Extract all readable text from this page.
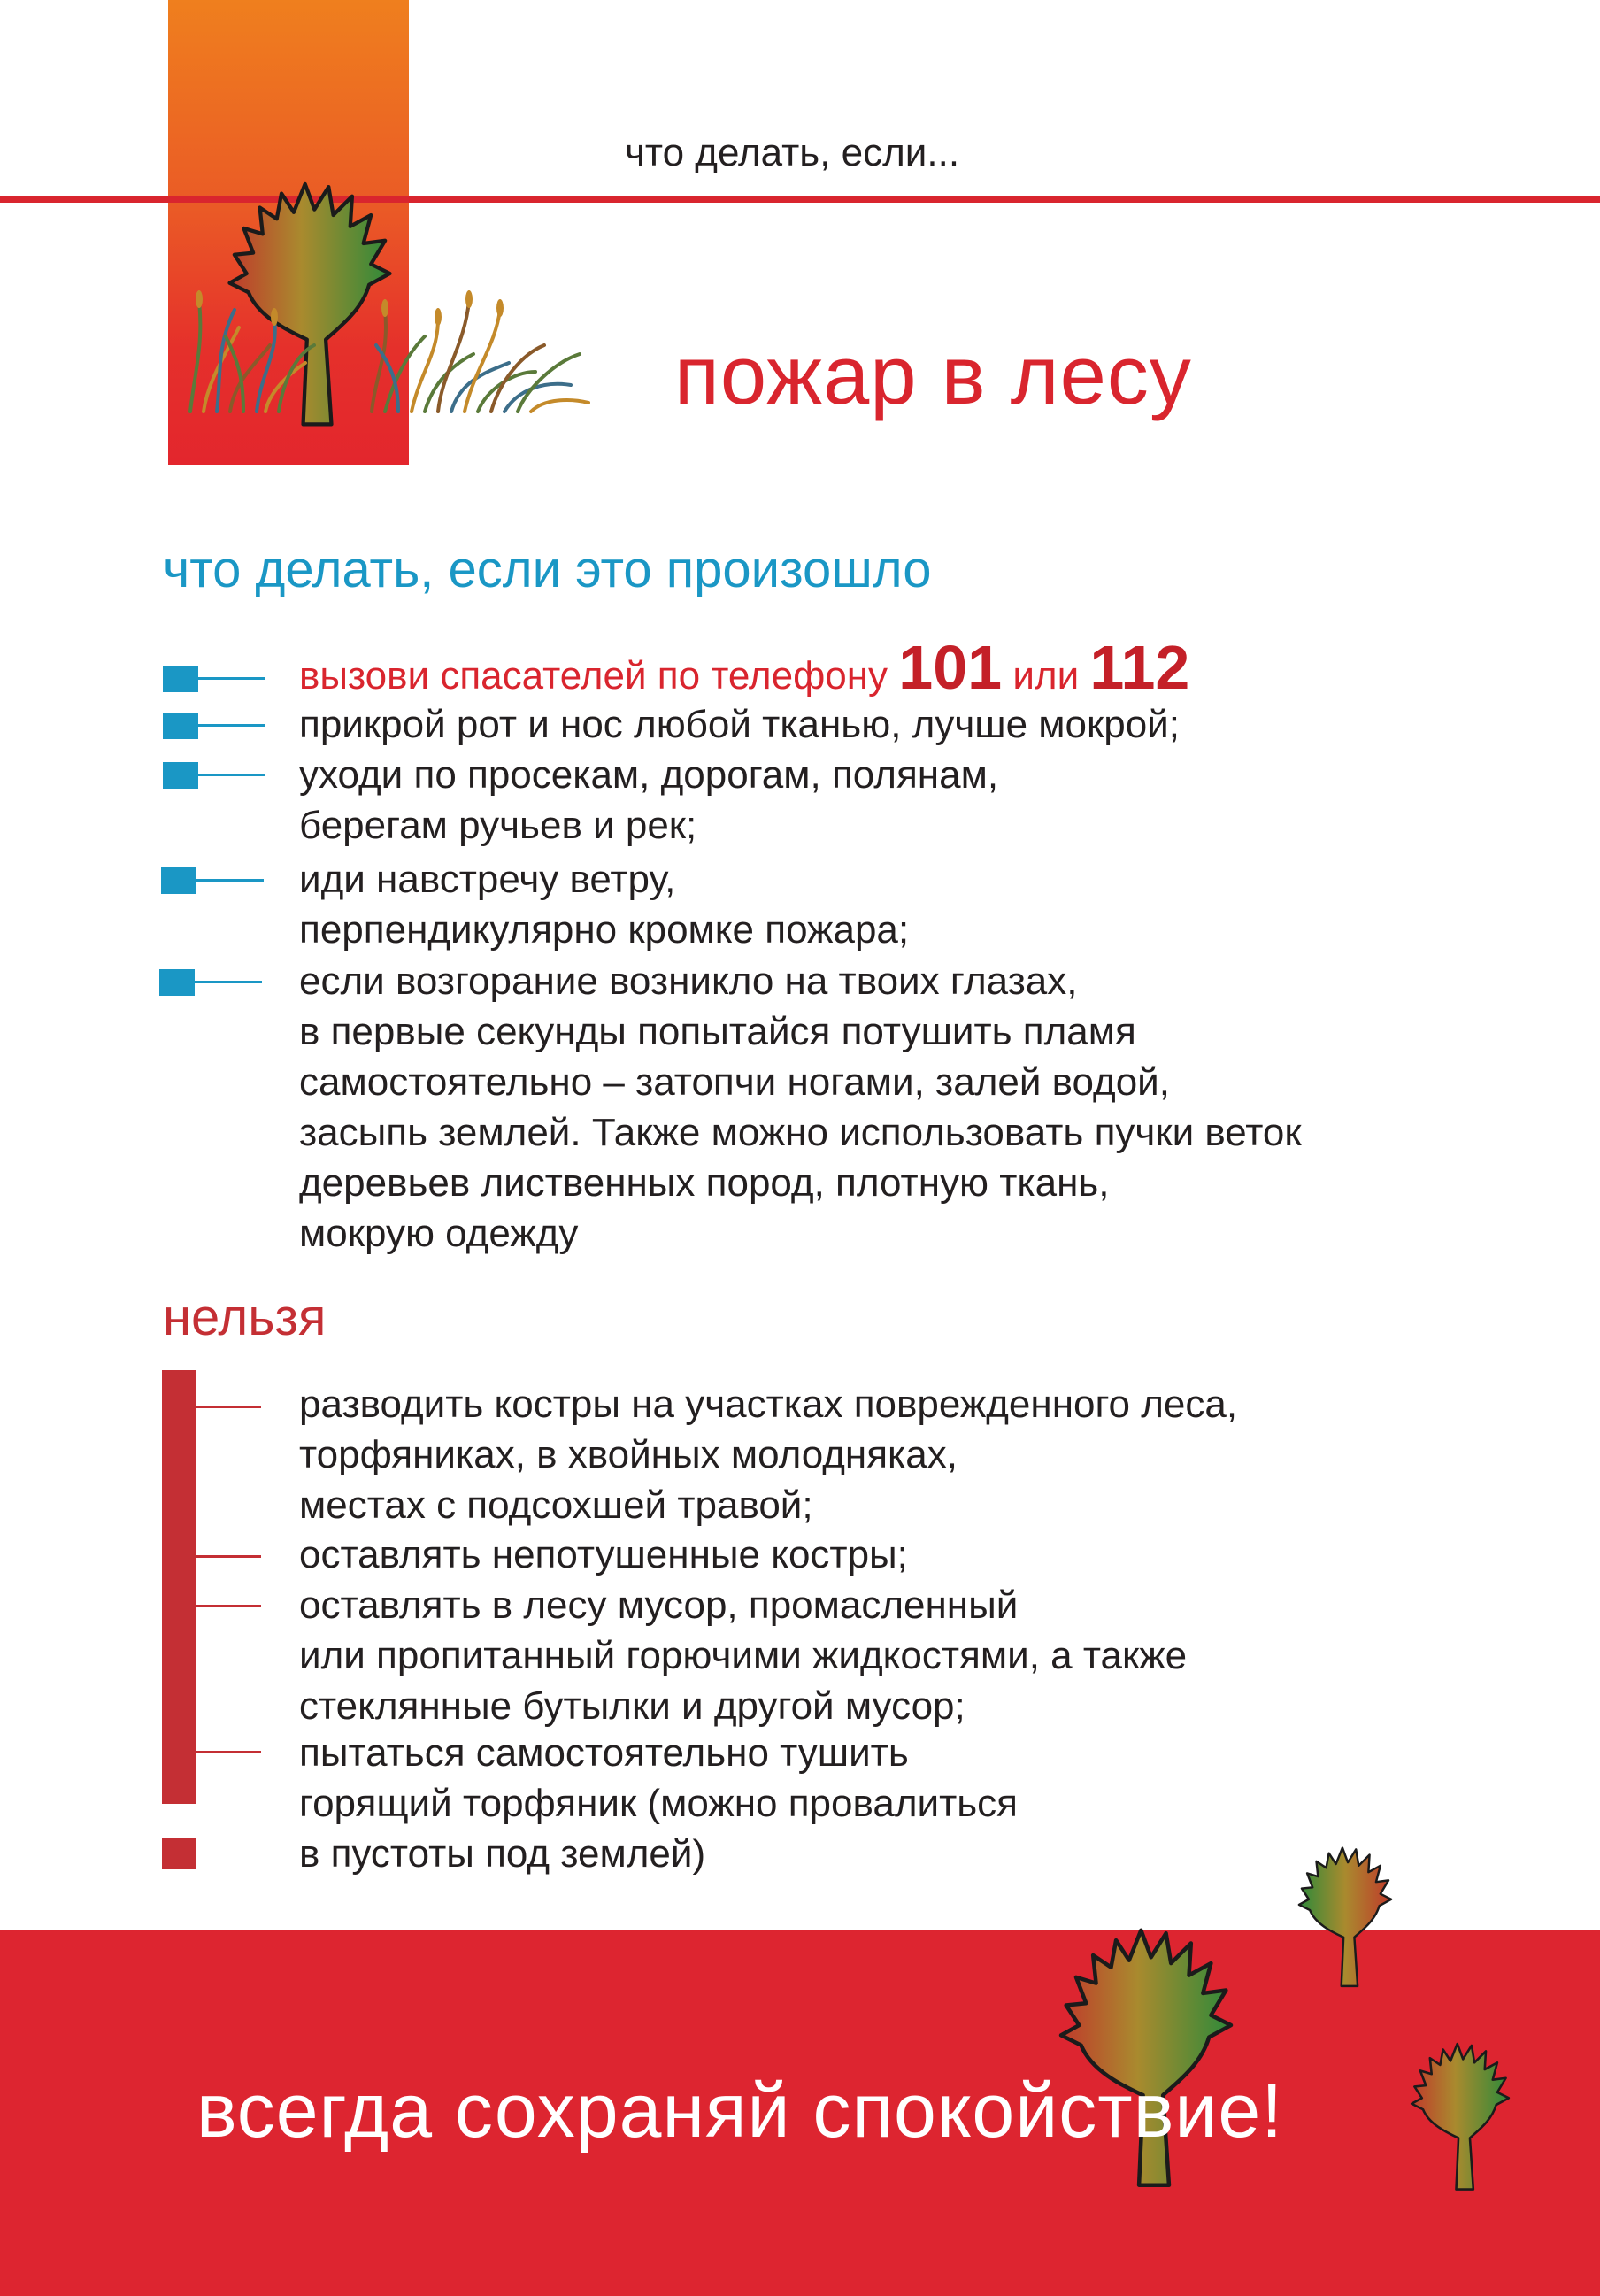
что делать, если...
пожар в лесу
что делать, если это произошло
вызови спасателей по телефону 101 или 112
прикрой рот и нос любой тканью, лучше мокрой;
уходи по просекам, дорогам, полянам,
берегам ручьев и рек;
иди навстречу ветру,
перпендикулярно кромке пожара;
если возгорание возникло на твоих глазах,
в первые секунды попытайся потушить пламя
самостоятельно – затопчи ногами, залей водой,
засыпь землей. Также можно использовать пучки веток
деревьев лиственных пород, плотную ткань,
мокрую одежду
нельзя
разводить костры на участках поврежденного леса,
торфяниках, в хвойных молодняках,
местах с подсохшей травой;
оставлять непотушенные костры;
оставлять в лесу мусор, промасленный
или пропитанный горючими жидкостями, а также
стеклянные бутылки и другой мусор;
пытаться самостоятельно тушить
горящий торфяник (можно провалиться
в пустоты под землей)
всегда сохраняй спокойствие!
